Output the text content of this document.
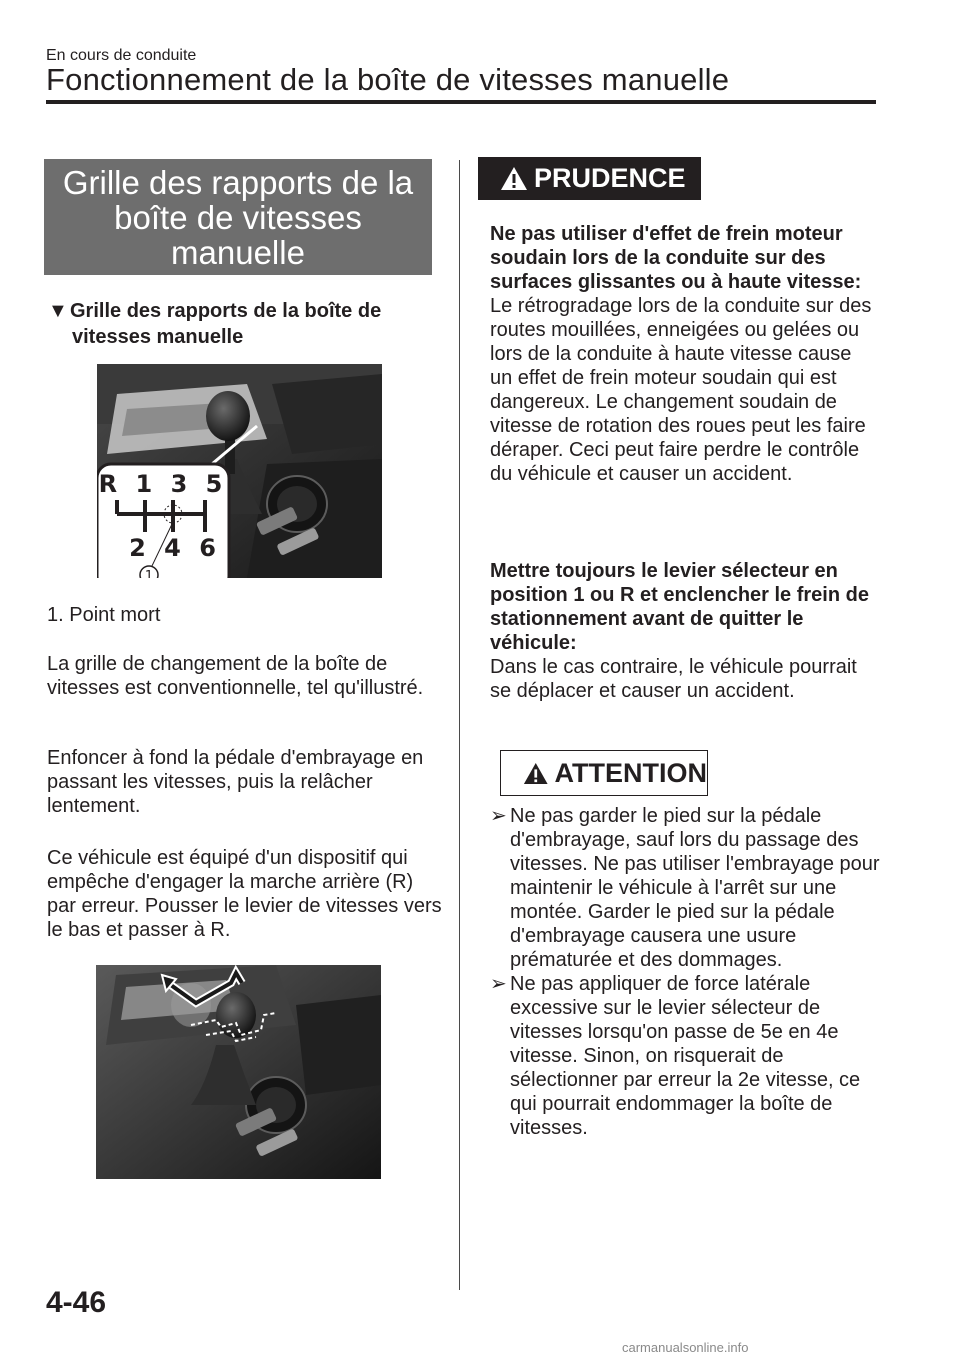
En cours de conduite
Fonctionnement de la boîte de vitesses manuelle
Grille des rapports de la boîte de vitesses manuelle
▼ Grille des rapports de la boîte de
vitesses manuelle
R 1 3 5
2 4 6
1
1. Point mort
La grille de changement de la boîte de vitesses est conventionnelle, tel qu'illustré.
Enfoncer à fond la pédale d'embrayage en passant les vitesses, puis la relâcher lentement.
Ce véhicule est équipé d'un dispositif qui empêche d'engager la marche arrière (R) par erreur. Pousser le levier de vitesses vers le bas et passer à R.
PRUDENCE
Ne pas utiliser d'effet de frein moteur soudain lors de la conduite sur des surfaces glissantes ou à haute vitesse:
Le rétrogradage lors de la conduite sur des routes mouillées, enneigées ou gelées ou lors de la conduite à haute vitesse cause un effet de frein moteur soudain qui est dangereux. Le changement soudain de vitesse de rotation des roues peut les faire déraper. Ceci peut faire perdre le contrôle du véhicule et causer un accident.
Mettre toujours le levier sélecteur en position 1 ou R et enclencher le frein de stationnement avant de quitter le véhicule:
Dans le cas contraire, le véhicule pourrait se déplacer et causer un accident.
ATTENTION
➢ Ne pas garder le pied sur la pédale d'embrayage, sauf lors du passage des vitesses. Ne pas utiliser l'embrayage pour maintenir le véhicule à l'arrêt sur une montée. Garder le pied sur la pédale d'embrayage causera une usure prématurée et des dommages.
➢ Ne pas appliquer de force latérale excessive sur le levier sélecteur de vitesses lorsqu'on passe de 5e en 4e vitesse. Sinon, on risquerait de sélectionner par erreur la 2e vitesse, ce qui pourrait endommager la boîte de vitesses.
4-46
carmanualsonline.info
